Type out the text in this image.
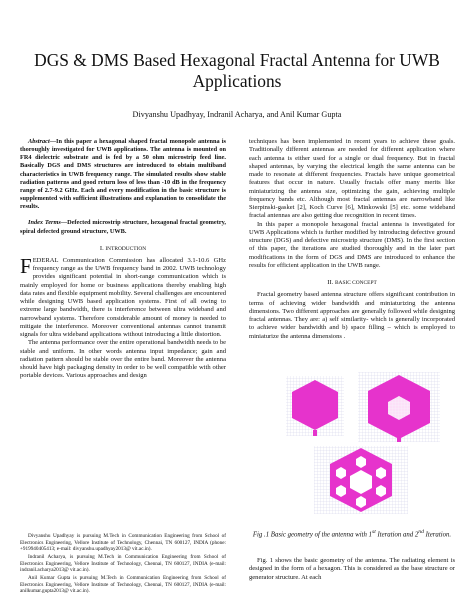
DGS & DMS Based Hexagonal Fractal Antenna for UWB Applications
Divyanshu Upadhyay, Indranil Acharya, and Anil Kumar Gupta

Abstract—In this paper a hexagonal shaped fractal monopole antenna is thoroughly investigated for UWB applications. The antenna is mounted on FR4 dielectric substrate and is fed by a 50 ohm microstrip feed line. Basically DGS and DMS structures are introduced to obtain multiband characteristics in UWB frequency range. The simulated results show stable radiation patterns and good return loss of less than -10 dB in the frequency range of 2.7-9.2 GHz. Each and every modification in the basic structure is supplemented with sufficient illustrations and explanation to consolidate the results.

Index Terms—Defected microstrip structure, hexagonal fractal geometry, spiral defected ground structure, UWB.

I. INTRODUCTION

FEDERAL Communication Commission has allocated 3.1-10.6 GHz frequency range as the UWB frequency band in 2002. UWB technology provides significant potential in short-range communication which is mainly employed for home or business applications thereby enabling high data rates and flexible equipment mobility. Several challenges are encountered while designing UWB based application systems. First of all owing to extreme large bandwidth, there is interference between ultra wideband and narrowband systems. Therefore considerable amount of money is needed to mitigate the interference. Moreover conventional antennas cannot transmit signals for ultra wideband applications without introducing a little distortion.

The antenna performance over the entire operational bandwidth needs to be stable and uniform. In other words antenna input impedance; gain and radiation pattern should be stable over the entire band. Moreover the antenna should have high packaging density in order to be well compatible with other portable devices. Various approaches and design

Divyanshu Upadhyay is pursuing M.Tech in Communication Engineering from School of Electronics Engineering, Vellore Institute of Technology, Chennai, TN 600127, INDIA (phone: +919940405413; e-mail: divyanshu.upadhyay2013@ vit.ac.in).

Indranil Acharya, is pursuing M.Tech in Communication Engineering from School of Electronics Engineering, Vellore Institute of Technology, Chennai, TN 600127, INDIA (e-mail: indranil.acharya2013@ vit.ac.in).

Anil Kumar Gupta is pursuing M.Tech in Communication Engineering from School of Electronics Engineering, Vellore Institute of Technology, Chennai, TN 600127, INDIA (e-mail: anilkumar.gupta2013@ vit.ac.in).

techniques has been implemented in recent years to achieve these goals. Traditionally different antennas are needed for different application where each antenna is either used for a single or dual frequency. But in fractal shaped antennas, by varying the electrical length the same antenna can be made to resonate at different frequencies. Fractals have unique geometrical features that occur in nature. Usually fractals offer many merits like miniaturizing the antenna size, optimizing the gain, achieving multiple frequency bands etc. Although most fractal antennas are narrowband like Sierpinski-gasket [2], Koch Curve [6], Minkowski [5] etc. some wideband fractal antennas are also getting due recognition in recent times.

In this paper a monopole hexagonal fractal antenna is investigated for UWB Applications which is further modified by introducing defective ground structure (DGS) and defective microstrip structure (DMS). In the first section of this paper, the iterations are studied thoroughly and in the later part modifications in the form of DGS and DMS are introduced to enhance the results for efficient application in the UWB range.

II. BASIC CONCEPT

Fractal geometry based antenna structure offers significant contribution in terms of achieving wider bandwidth and miniaturizing the antenna dimensions. Two different approaches are generally followed while designing fractal antennas. They are: a) self similarity- which is generally incorporated to achieve wider bandwidth and b) space filling – which is employed to miniaturize the antenna dimensions .

Fig .1 Basic geometry of the antenna with 1st Iteration and 2nd Iteration.

Fig. 1 shows the basic geometry of the antenna. The radiating element is designed in the form of a hexagon. This is considered as the base structure or generator structure. At each
